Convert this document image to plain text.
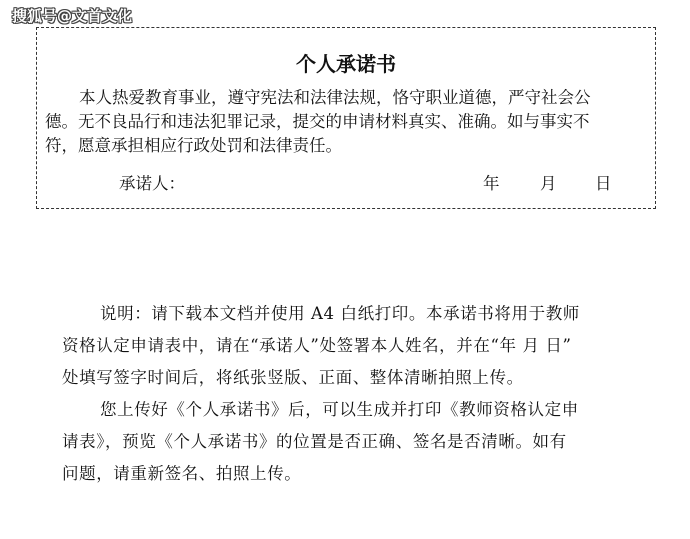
搜狐号@文首文化
个人承诺书
本人热爱教育事业，遵守宪法和法律法规，恪守职业道德，严守社会公
德。无不良品行和违法犯罪记录，提交的申请材料真实、准确。如与事实不
符，愿意承担相应行政处罚和法律责任。
承诺人：	年 月 日
说明：请下载本文档并使用 A4 白纸打印。本承诺书将用于教师
资格认定申请表中，请在“承诺人”处签署本人姓名，并在“年 月 日”
处填写签字时间后，将纸张竖版、正面、整体清晰拍照上传。
您上传好《个人承诺书》后，可以生成并打印《教师资格认定申
请表》，预览《个人承诺书》的位置是否正确、签名是否清晰。如有
问题，请重新签名、拍照上传。
